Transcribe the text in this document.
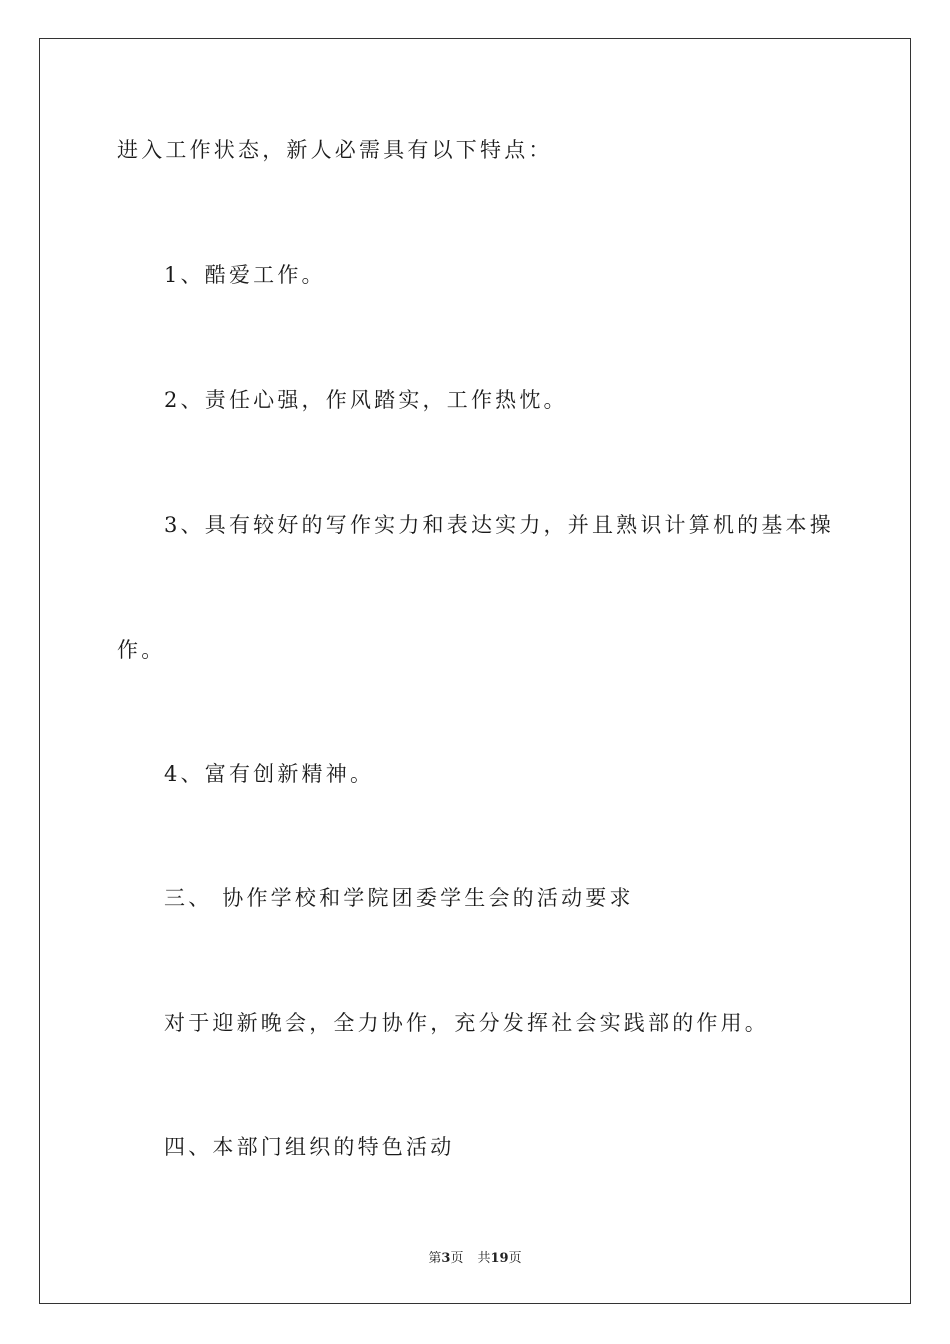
进入工作状态，新人必需具有以下特点：
1、酷爱工作。
2、责任心强，作风踏实，工作热忱。
3、具有较好的写作实力和表达实力，并且熟识计算机的基本操
作。
4、富有创新精神。
三、 协作学校和学院团委学生会的活动要求
对于迎新晚会，全力协作，充分发挥社会实践部的作用。
四、本部门组织的特色活动
第3页 共19页
